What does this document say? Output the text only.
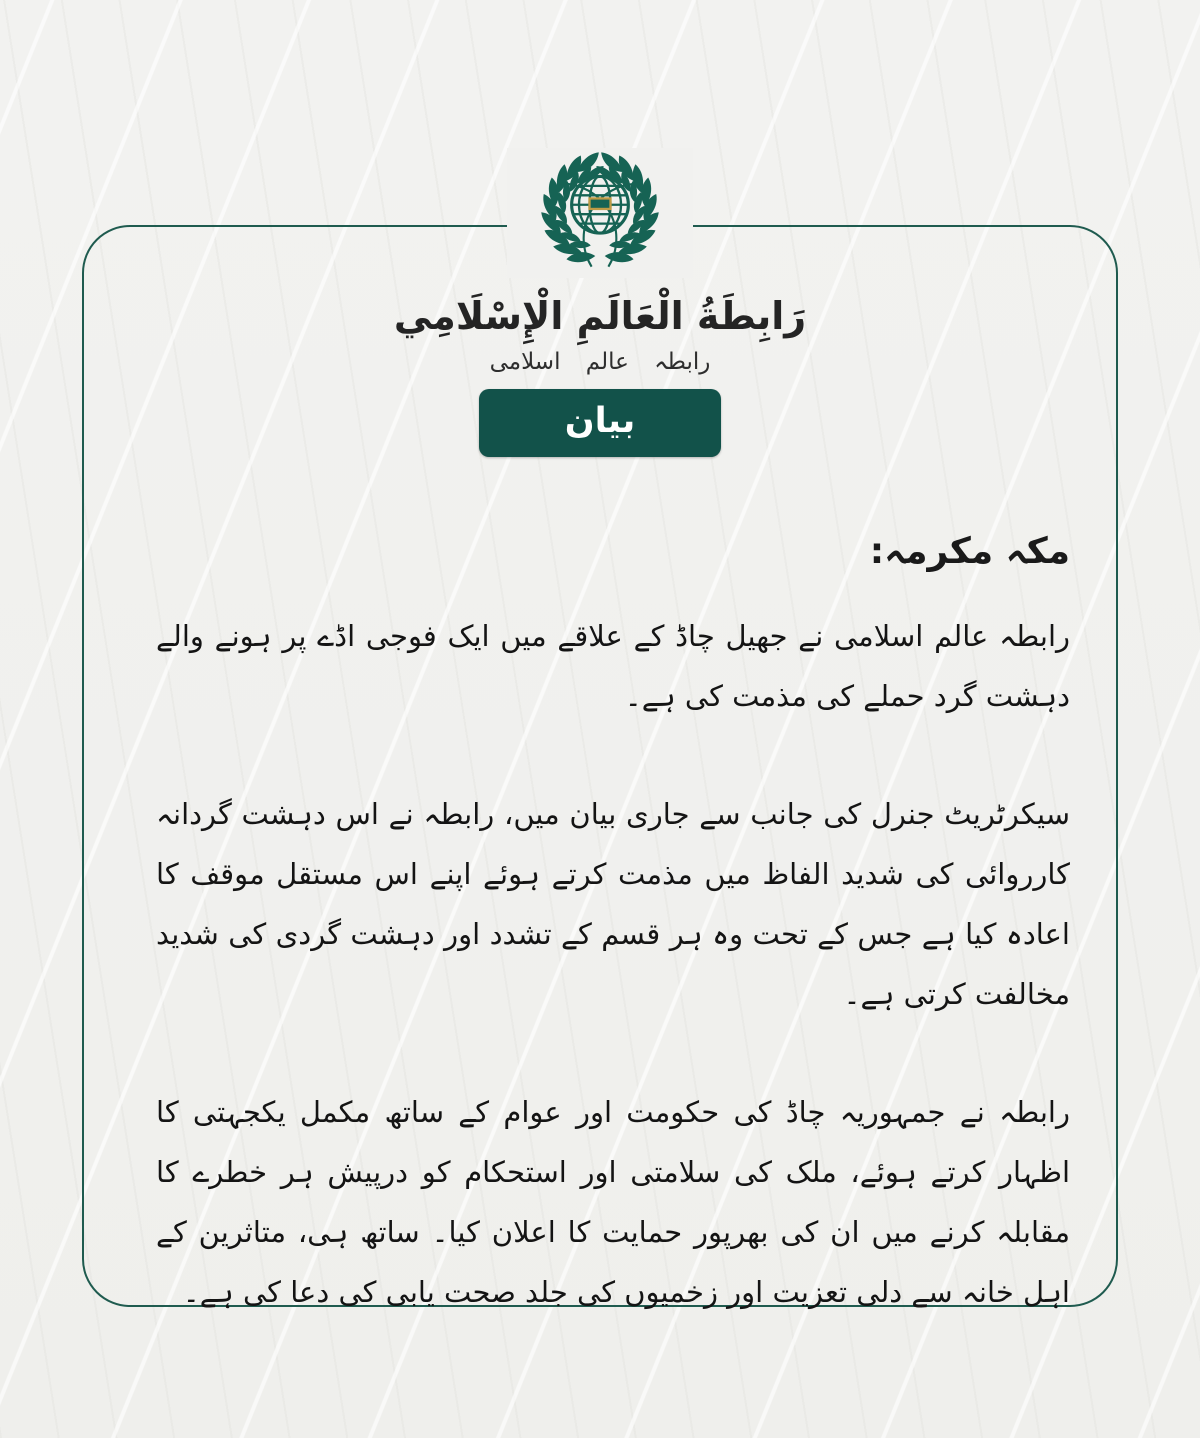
رَابِطَةُ الْعَالَمِ الْإِسْلَامِي
رابطہ عالم اسلامی
بیان
مکہ مکرمہ:

رابطہ عالم اسلامی نے جھیل چاڈ کے علاقے میں ایک فوجی اڈے پر ہونے والے دہشت گرد حملے کی مذمت کی ہے۔

سیکرٹریٹ جنرل کی جانب سے جاری بیان میں، رابطہ نے اس دہشت گردانہ کارروائی کی شدید الفاظ میں مذمت کرتے ہوئے اپنے اس مستقل موقف کا اعادہ کیا ہے جس کے تحت وہ ہر قسم کے تشدد اور دہشت گردی کی شدید مخالفت کرتی ہے۔

رابطہ نے جمہوریہ چاڈ کی حکومت اور عوام کے ساتھ مکمل یکجہتی کا اظہار کرتے ہوئے، ملک کی سلامتی اور استحکام کو درپیش ہر خطرے کا مقابلہ کرنے میں ان کی بھرپور حمایت کا اعلان کیا۔ ساتھ ہی، متاثرین کے اہل خانہ سے دلی تعزیت اور زخمیوں کی جلد صحت یابی کی دعا کی ہے۔
